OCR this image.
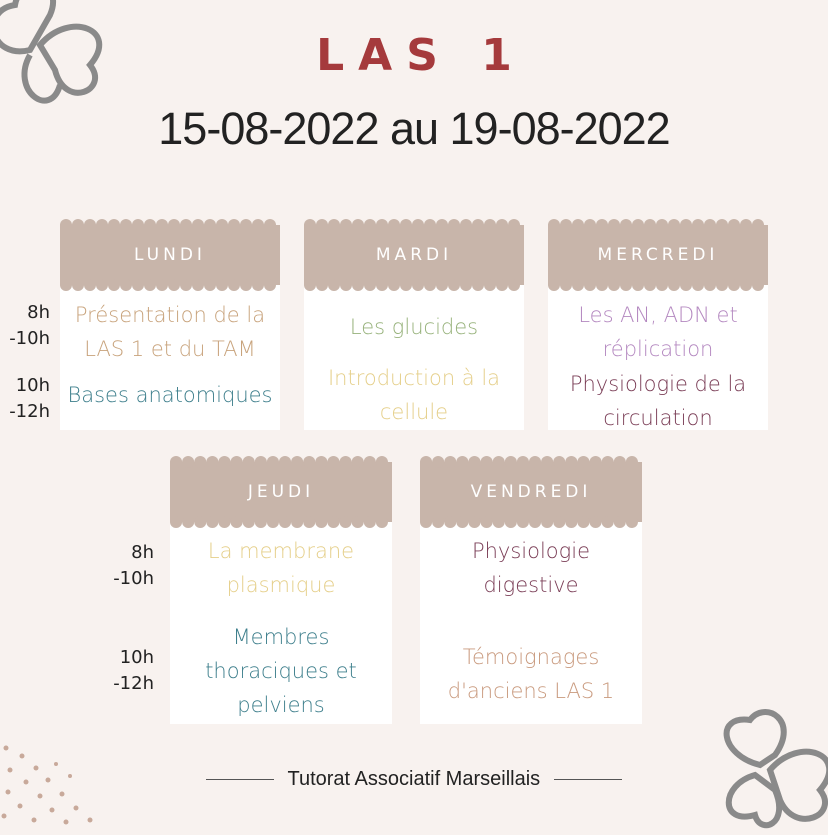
LAS 1
15-08-2022 au 19-08-2022
8h -10h
10h -12h
LUNDI
Présentation de la LAS 1 et du TAM
Bases anatomiques
MARDI
Les glucides
Introduction à la cellule
MERCREDI
Les AN, ADN et réplication
Physiologie de la circulation
8h -10h
10h -12h
JEUDI
La membrane plasmique
Membres thoraciques et pelviens
VENDREDI
Physiologie digestive
Témoignages d'anciens LAS 1
Tutorat Associatif Marseillais
